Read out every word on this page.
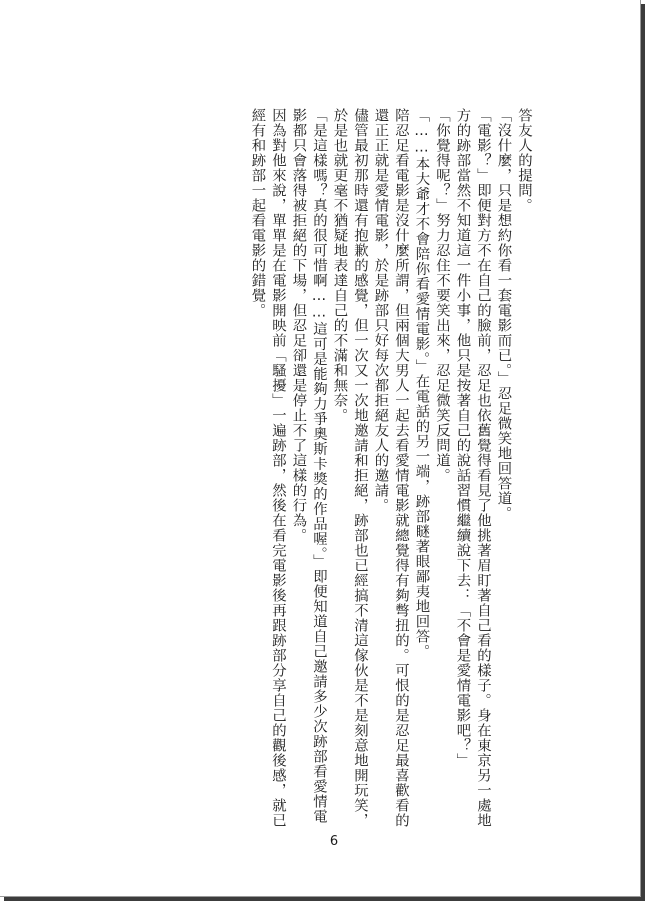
答友人的提問。

「沒什麼，只是想約你看一套電影而已。」忍足微笑地回答道。

「電影？」即便對方不在自己的臉前，忍足也依舊覺得看見了他挑著眉盯著自己看的樣子。身在東京另一處地方的跡部當然不知道這一件小事，他只是按著自己的說話習慣繼續說下去：「不會是愛情電影吧？」

「你覺得呢？」努力忍住不要笑出來，忍足微笑反問道。

「……本大爺才不會陪你看愛情電影。」在電話的另一端，跡部瞇著眼鄙夷地回答。

陪忍足看電影是沒什麼所謂，但兩個大男人一起去看愛情電影就總覺得有夠彆扭的。可恨的是忍足最喜歡看的還正正就是愛情電影，於是跡部只好每次都拒絕友人的邀請。

儘管最初那時還有抱歉的感覺，但一次又一次地邀請和拒絕，跡部也已經搞不清這傢伙是不是刻意地開玩笑，於是也就更毫不猶疑地表達自己的不滿和無奈。

「是這樣嗎？真的很可惜啊……這可是能夠力爭奧斯卡獎的作品喔。」即便知道自己邀請多少次跡部看愛情電影都只會落得被拒絕的下場，但忍足卻還是停止不了這樣的行為。

因為對他來說，單單是在電影開映前「騷擾」一遍跡部，然後在看完電影後再跟跡部分享自己的觀後感，就已經有和跡部一起看電影的錯覺。

6
